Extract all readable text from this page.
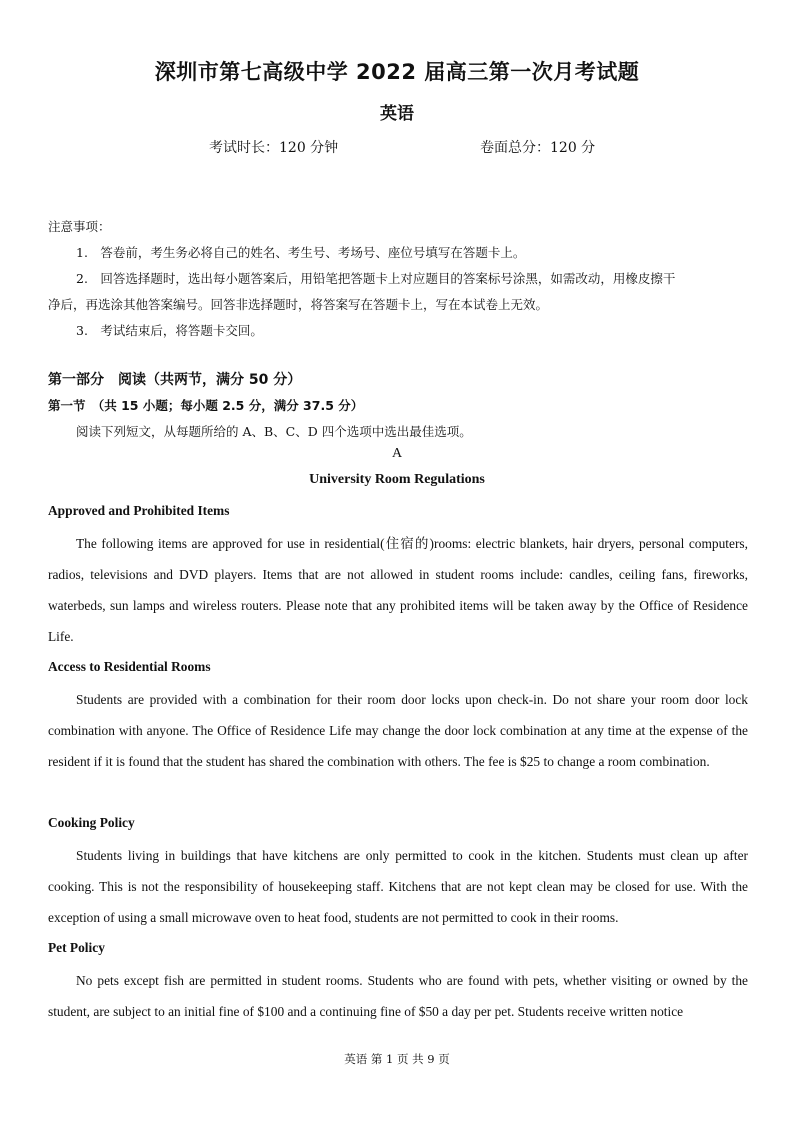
深圳市第七高级中学 2022 届高三第一次月考试题
英语
考试时长：120 分钟	卷面总分：120 分
注意事项：
1.　答卷前，考生务必将自己的姓名、考生号、考场号、座位号填写在答题卡上。
2.　回答选择题时，选出每小题答案后，用铅笔把答题卡上对应题目的答案标号涂黑，如需改动，用橡皮擦干
净后，再选涂其他答案编号。回答非选择题时，将答案写在答题卡上，写在本试卷上无效。
3.　考试结束后，将答题卡交回。
第一部分　阅读（共两节，满分 50 分）
第一节　（共 15 小题；每小题 2.5 分，满分 37.5 分）
阅读下列短文，从每题所给的 A、B、C、D 四个选项中选出最佳选项。
A
University Room Regulations
Approved and Prohibited Items

The following items are approved for use in residential(住宿的)rooms: electric blankets, hair dryers, personal computers, radios, televisions and DVD players. Items that are not allowed in student rooms include: candles, ceiling fans, fireworks, waterbeds, sun lamps and wireless routers. Please note that any prohibited items will be taken away by the Office of Residence Life.

Access to Residential Rooms

Students are provided with a combination for their room door locks upon check-in. Do not share your room door lock combination with anyone. The Office of Residence Life may change the door lock combination at any time at the expense of the resident if it is found that the student has shared the combination with others. The fee is $25 to change a room combination.

Cooking Policy

Students living in buildings that have kitchens are only permitted to cook in the kitchen. Students must clean up after cooking. This is not the responsibility of housekeeping staff. Kitchens that are not kept clean may be closed for use. With the exception of using a small microwave oven to heat food, students are not permitted to cook in their rooms.

Pet Policy

No pets except fish are permitted in student rooms. Students who are found with pets, whether visiting or owned by the student, are subject to an initial fine of $100 and a continuing fine of $50 a day per pet. Students receive written notice

英语 第 1 页 共 9 页
